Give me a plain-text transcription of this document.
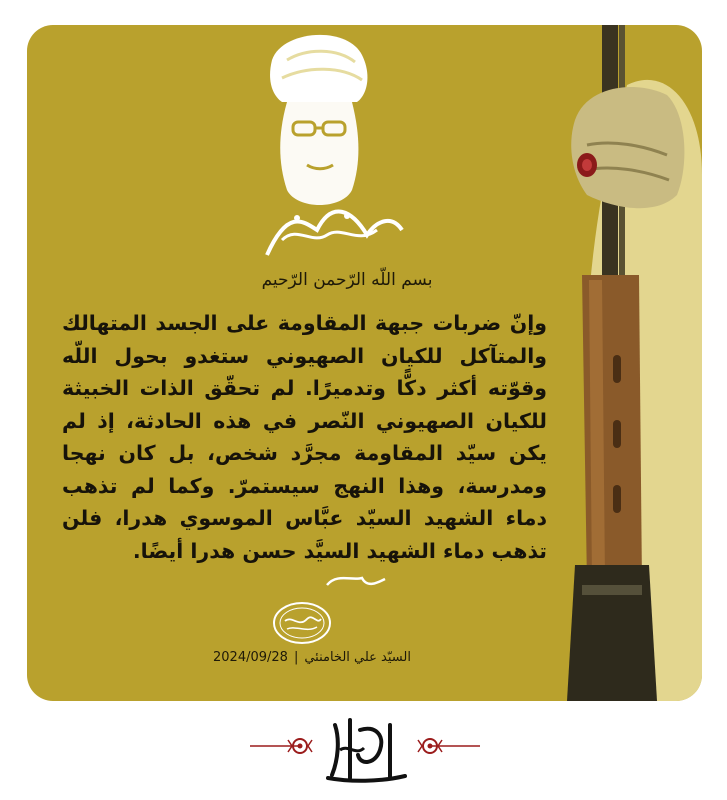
بسم اللّه الرّحمن الرّحيم
وإنّ ضربات جبهة المقاومة على الجسد المتهالك والمتآكل للكيان الصهيوني ستغدو بحول اللّه وقوّته أكثر دكًّا وتدميرًا. لم تحقّق الذات الخبيثة للكيان الصهيوني النّصر في هذه الحادثة، إذ لم يكن سيّد المقاومة مجرَّد شخص، بل كان نهجا ومدرسة، وهذا النهج سيستمرّ. وكما لم تذهب دماء الشهيد السيّد عبَّاس الموسوي هدرا، فلن تذهب دماء الشهيد السيَّد حسن هدرا أيضًا.
السيّد علي الخامنئي|2024/09/28
